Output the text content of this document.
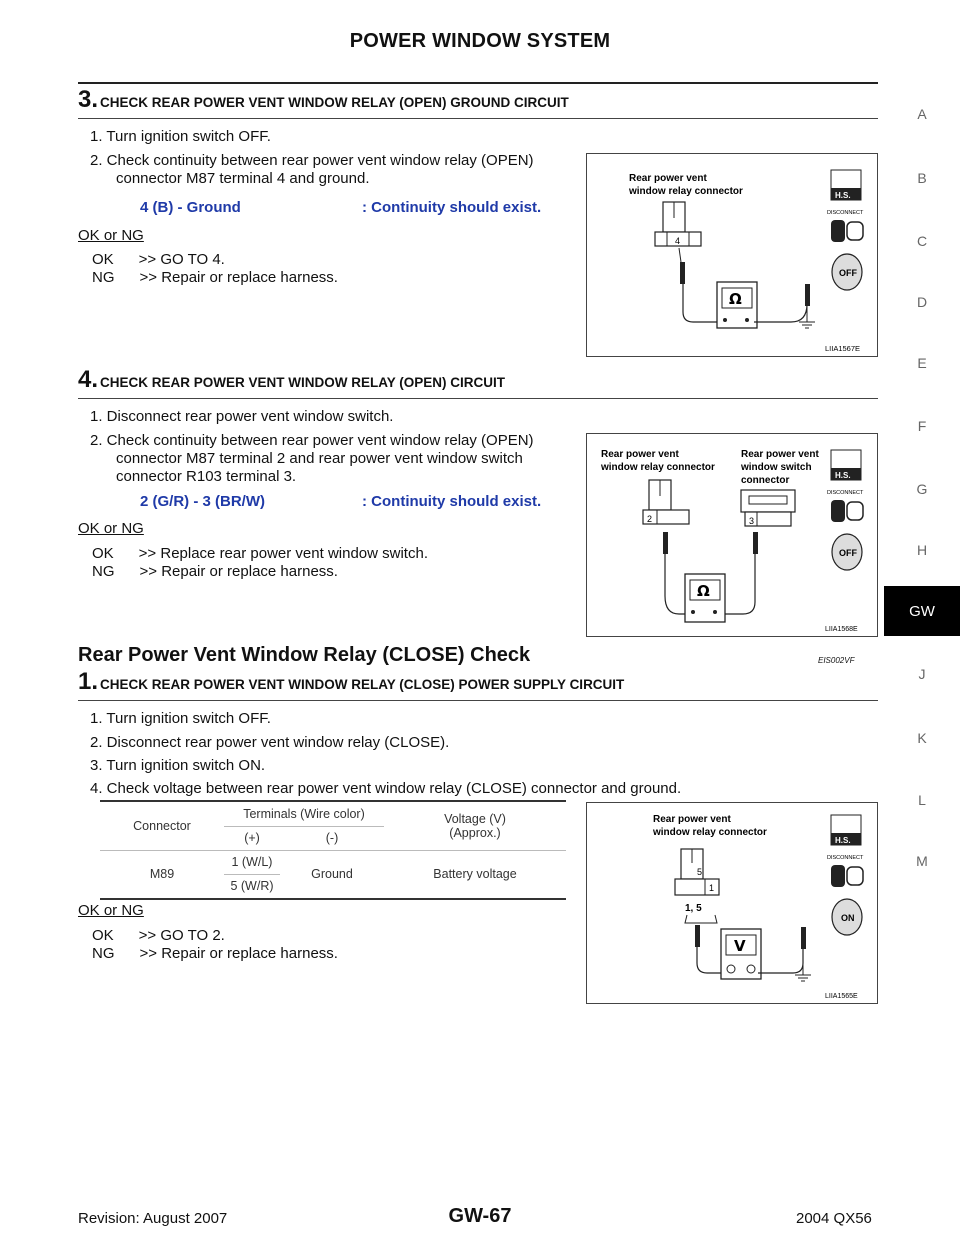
POWER WINDOW SYSTEM
A
B
C
D
E
F
G
H
GW
J
K
L
M
3. CHECK REAR POWER VENT WINDOW RELAY (OPEN) GROUND CIRCUIT
1. Turn ignition switch OFF.
2. Check continuity between rear power vent window relay (OPEN)
connector M87 terminal 4 and ground.
4 (B) - Ground	: Continuity should exist.
OK or NG
OK      >> GO TO 4.
NG      >> Repair or replace harness.
Rear power vent
window relay connector
4
Ω
H.S.
DISCONNECT
OFF
LIIA1567E
4. CHECK REAR POWER VENT WINDOW RELAY (OPEN) CIRCUIT
1. Disconnect rear power vent window switch.
2. Check continuity between rear power vent window relay (OPEN)
connector M87 terminal 2 and rear power vent window switch
connector R103 terminal 3.
2 (G/R) - 3 (BR/W)	: Continuity should exist.
OK or NG
OK      >> Replace rear power vent window switch.
NG      >> Repair or replace harness.
Rear power vent
window relay connector
Rear power vent
window switch
connector
2	3
Ω
H.S.
DISCONNECT
OFF
LIIA1568E
Rear Power Vent Window Relay (CLOSE) Check	EIS002VF
1. CHECK REAR POWER VENT WINDOW RELAY (CLOSE) POWER SUPPLY CIRCUIT
1. Turn ignition switch OFF.
2. Disconnect rear power vent window relay (CLOSE).
3. Turn ignition switch ON.
4. Check voltage between rear power vent window relay (CLOSE) connector and ground.
Connector	Terminals (Wire color)		Voltage (V)
(Approx.)

	(+)	(-)	
M89	1 (W/L)	Ground	Battery voltage
	5 (W/R)		
OK or NG
OK      >> GO TO 2.
NG      >> Repair or replace harness.
Rear power vent
window relay connector
5
1
1, 5
V
H.S.
DISCONNECT
ON
LIIA1565E
Revision: August 2007	GW-67	2004 QX56
